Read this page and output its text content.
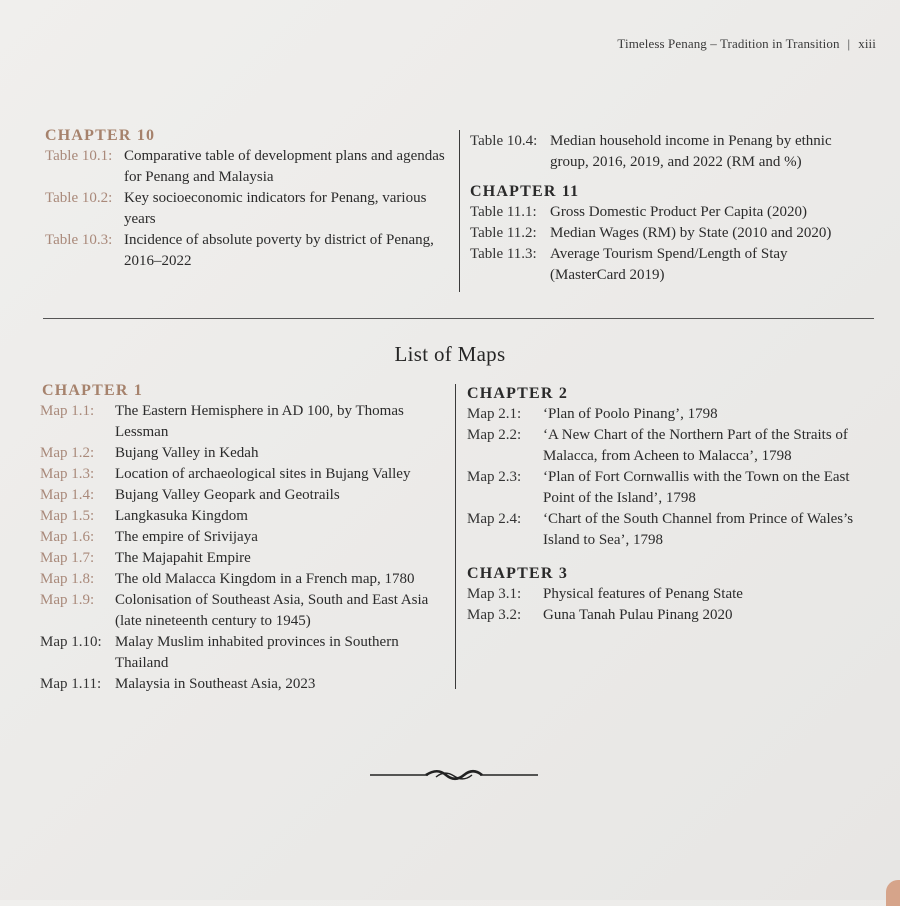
Timeless Penang – Tradition in Transition | xiii
CHAPTER 10
Table 10.1: Comparative table of development plans and agendas for Penang and Malaysia
Table 10.2: Key socioeconomic indicators for Penang, various years
Table 10.3: Incidence of absolute poverty by district of Penang, 2016–2022
Table 10.4: Median household income in Penang by ethnic group, 2016, 2019, and 2022 (RM and %)
CHAPTER 11
Table 11.1: Gross Domestic Product Per Capita (2020)
Table 11.2: Median Wages (RM) by State (2010 and 2020)
Table 11.3: Average Tourism Spend/Length of Stay (MasterCard 2019)
List of Maps
CHAPTER 1
Map 1.1:	The Eastern Hemisphere in AD 100, by Thomas Lessman
Map 1.2:	Bujang Valley in Kedah
Map 1.3:	Location of archaeological sites in Bujang Valley
Map 1.4:	Bujang Valley Geopark and Geotrails
Map 1.5:	Langkasuka Kingdom
Map 1.6:	The empire of Srivijaya
Map 1.7:	The Majapahit Empire
Map 1.8:	The old Malacca Kingdom in a French map, 1780
Map 1.9:	Colonisation of Southeast Asia, South and East Asia (late nineteenth century to 1945)
Map 1.10: Malay Muslim inhabited provinces in Southern Thailand
Map 1.11: Malaysia in Southeast Asia, 2023
CHAPTER 2
Map 2.1:	‘Plan of Poolo Pinang’, 1798
Map 2.2:	‘A New Chart of the Northern Part of the Straits of Malacca, from Acheen to Malacca’, 1798
Map 2.3:	‘Plan of Fort Cornwallis with the Town on the East Point of the Island’, 1798
Map 2.4:	‘Chart of the South Channel from Prince of Wales’s Island to Sea’, 1798
CHAPTER 3
Map 3.1:	Physical features of Penang State
Map 3.2:	Guna Tanah Pulau Pinang 2020
